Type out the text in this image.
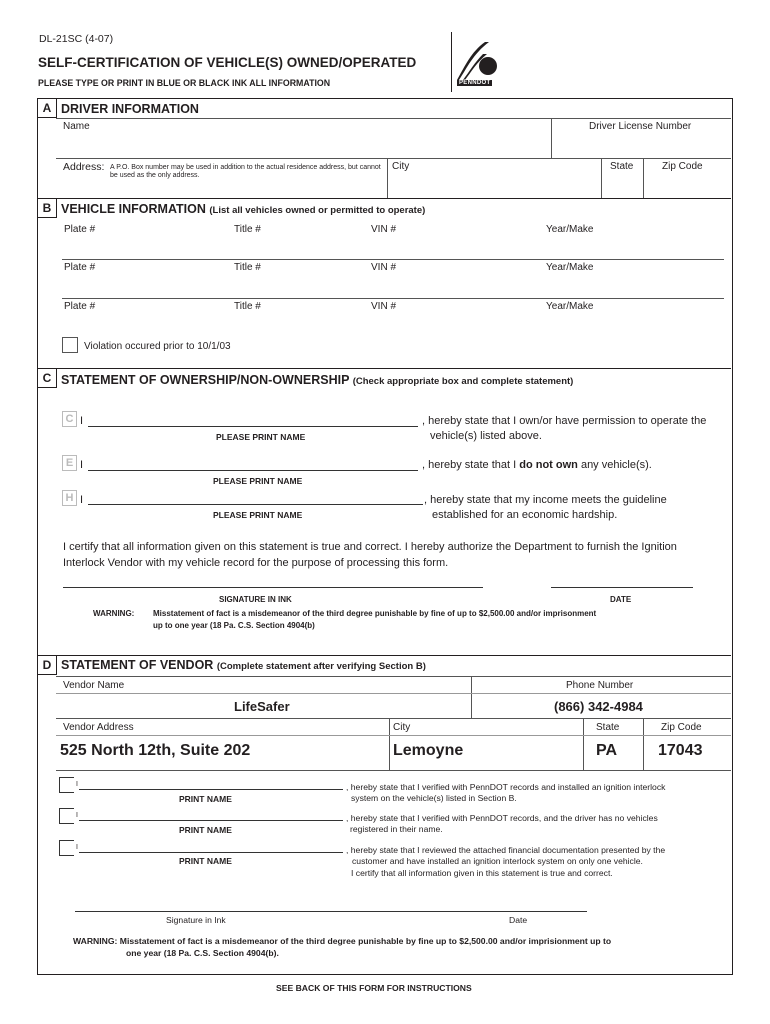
DL-21SC (4-07)
SELF-CERTIFICATION OF VEHICLE(S) OWNED/OPERATED
PLEASE TYPE OR PRINT IN BLUE OR BLACK INK ALL INFORMATION	PENNDOT
A DRIVER INFORMATION
Name	Driver License Number
Address: A P.O. Box number may be used in addition to the actual residence address, but cannot be used as the only address.
City	State	Zip Code
B VEHICLE INFORMATION (List all vehicles owned or permitted to operate)
Plate #	Title #	VIN #	Year/Make
Plate #	Title #	VIN #	Year/Make
Plate #	Title #	VIN #	Year/Make
Violation occured prior to 10/1/03
C STATEMENT OF OWNERSHIP/NON-OWNERSHIP (Check appropriate box and complete statement)
C I	, hereby state that I own/or have permission to operate the
vehicle(s) listed above.
PLEASE PRINT NAME
E I	, hereby state that I do not own any vehicle(s).
PLEASE PRINT NAME
H I	, hereby state that my income meets the guideline
established for an economic hardship.
PLEASE PRINT NAME
I certify that all information given on this statement is true and correct. I hereby authorize the Department to furnish the Ignition
Interlock Vendor with my vehicle record for the purpose of processing this form.
SIGNATURE IN INK	DATE
WARNING: Misstatement of fact is a misdemeanor of the third degree punishable by fine of up to $2,500.00 and/or imprisonment
up to one year (18 Pa. C.S. Section 4904(b)
D STATEMENT OF VENDOR (Complete statement after verifying Section B)
Vendor Name	Phone Number
LifeSafer	(866) 342-4984
Vendor Address	City	State	Zip Code
525 North 12th, Suite 202	Lemoyne	PA	17043
I	, hereby state that I verified with PennDOT records and installed an ignition interlock
system on the vehicle(s) listed in Section B.
PRINT NAME
I	, hereby state that I verified with PennDOT records, and the driver has no vehicles
registered in their name.
PRINT NAME
I	, hereby state that I reviewed the attached financial documentation presented by the
customer and have installed an ignition interlock system on only one vehicle.
I certify that all information given in this statement is true and correct.
PRINT NAME
Signature in Ink	Date
WARNING: Misstatement of fact is a misdemeanor of the third degree punishable by fine up to $2,500.00 and/or imprisionment up to
one year (18 Pa. C.S. Section 4904(b).
SEE BACK OF THIS FORM FOR INSTRUCTIONS
